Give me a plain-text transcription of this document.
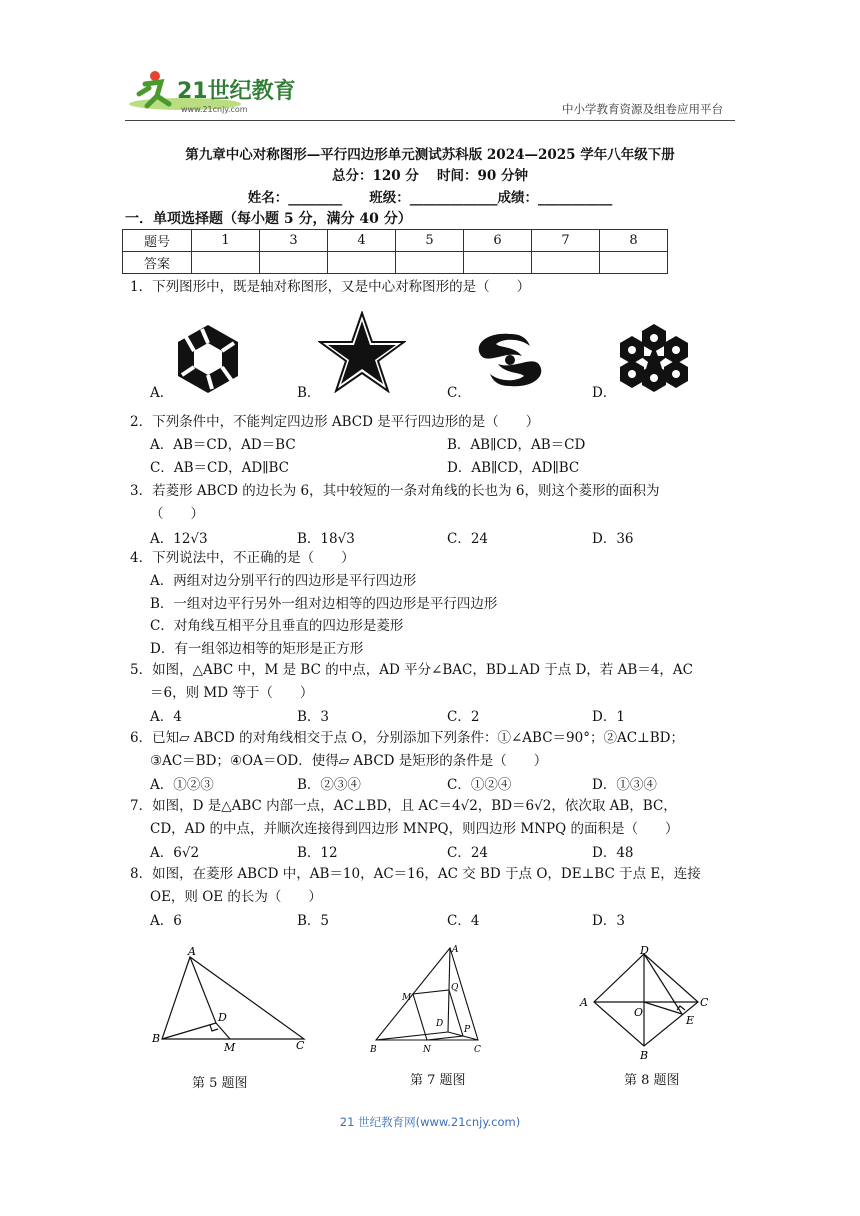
21世纪教育
www.21cnjy.com	中小学教育资源及组卷应用平台
第九章中心对称图形—平行四边形单元测试苏科版 2024—2025 学年八年级下册
总分：120 分　 时间：90 分钟
姓名：________　　班级：_____________成绩：___________
一．单项选择题（每小题 5 分，满分 40 分）
题号	1	3	4	5	6	7	8
答案							
1．下列图形中，既是轴对称图形，又是中心对称图形的是（　　）
A．	B．	C．	D．
2．下列条件中，不能判定四边形 ABCD 是平行四边形的是（　　）
A．AB＝CD，AD＝BC	B．AB∥CD，AB＝CD
C．AB＝CD，AD∥BC	D．AB∥CD，AD∥BC
3．若菱形 ABCD 的边长为 6，其中较短的一条对角线的长也为 6，则这个菱形的面积为
（　　）
A．12√3	B．18√3	C．24	D．36
4．下列说法中，不正确的是（　　）
A．两组对边分别平行的四边形是平行四边形
B．一组对边平行另外一组对边相等的四边形是平行四边形
C．对角线互相平分且垂直的四边形是菱形
D．有一组邻边相等的矩形是正方形
5．如图，△ABC 中，M 是 BC 的中点，AD 平分∠BAC，BD⊥AD 于点 D，若 AB＝4，AC
＝6，则 MD 等于（　　）
A．4	B．3	C．2	D．1
6．已知▱ ABCD 的对角线相交于点 O，分别添加下列条件：①∠ABC＝90°；②AC⊥BD；
③AC＝BD；④OA＝OD．使得▱ ABCD 是矩形的条件是（　　）
A．①②③	B．②③④	C．①②④	D．①③④
7．如图，D 是△ABC 内部一点，AC⊥BD，且 AC＝4√2，BD＝6√2，依次取 AB，BC，
CD，AD 的中点，并顺次连接得到四边形 MNPQ，则四边形 MNPQ 的面积是（　　）
A．6√2	B．12	C．24	D．48
8．如图，在菱形 ABCD 中，AB＝10，AC＝16，AC 交 BD 于点 O，DE⊥BC 于点 E，连接
OE，则 OE 的长为（　　）
A．6	B．5	C．4	D．3
A
B
C
D
M
第 5 题图
A
B	C
D
M
N
P
Q
第 7 题图
D
A	C
B
O
E
第 8 题图
21 世纪教育网(www.21cnjy.com)
